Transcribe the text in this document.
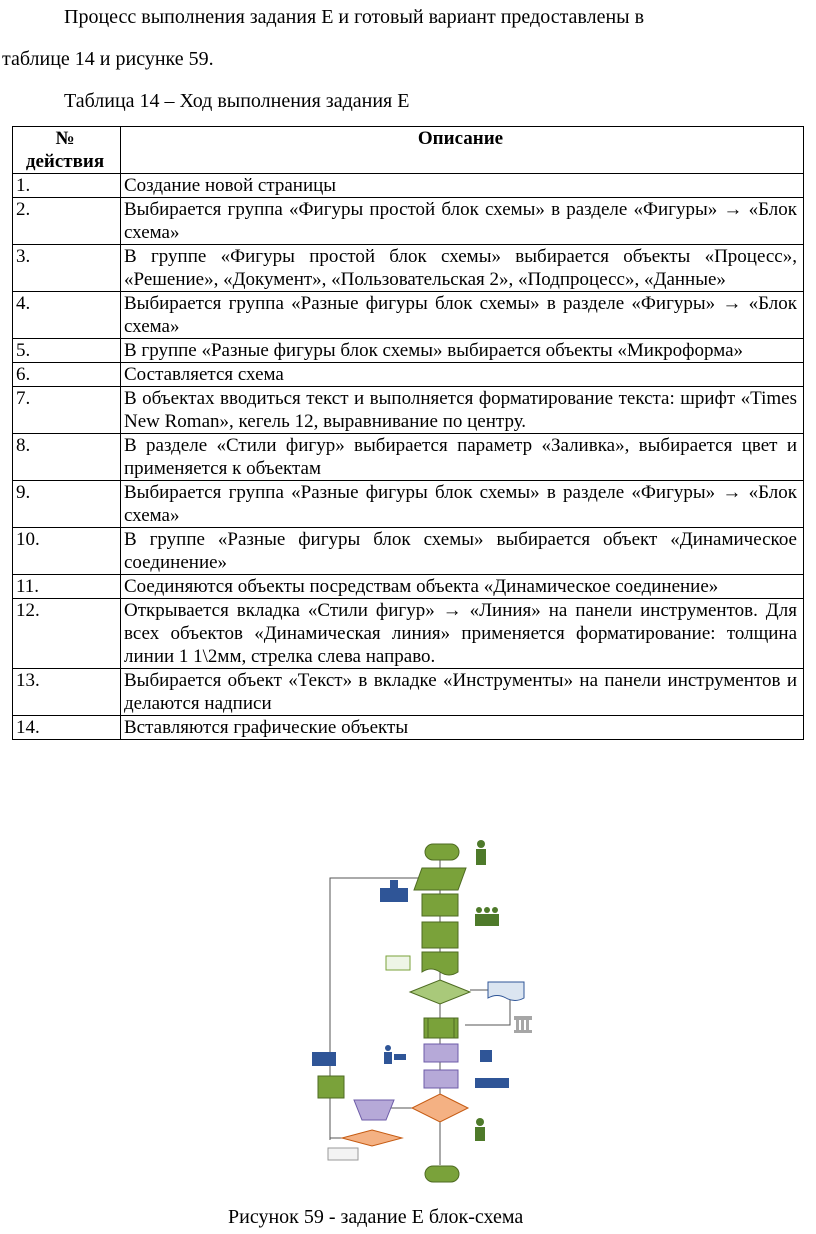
Процесс выполнения задания Е и готовый вариант предоставлены в
таблице 14 и рисунке 59.
Таблица 14 – Ход выполнения задания Е
№ действия	Описание
1.	Создание новой страницы
2.	Выбирается группа «Фигуры простой блок схемы» в разделе «Фигуры» → «Блок схема»
3.	В группе «Фигуры простой блок схемы» выбирается объекты «Процесс», «Решение», «Документ», «Пользовательская 2», «Подпроцесс», «Данные»
4.	Выбирается группа «Разные фигуры блок схемы» в разделе «Фигуры» → «Блок схема»
5.	В группе «Разные фигуры блок схемы» выбирается объекты «Микроформа»
6.	Составляется схема
7.	В объектах вводиться текст и выполняется форматирование текста: шрифт «Times New Roman», кегель 12, выравнивание по центру.
8.	В разделе «Стили фигур» выбирается параметр «Заливка», выбирается цвет и применяется к объектам
9.	Выбирается группа «Разные фигуры блок схемы» в разделе «Фигуры» → «Блок схема»
10.	В группе «Разные фигуры блок схемы» выбирается объект «Динамическое соединение»
11.	Соединяются объекты посредствам объекта «Динамическое соединение»
12.	Открывается вкладка «Стили фигур» → «Линия» на панели инструментов. Для всех объектов «Динамическая линия» применяется форматирование: толщина линии 1 1\2мм, стрелка слева направо.
13.	Выбирается объект «Текст» в вкладке «Инструменты» на панели инструментов и делаются надписи
14.	Вставляются графические объекты
Рисунок 59 - задание Е блок-схема
